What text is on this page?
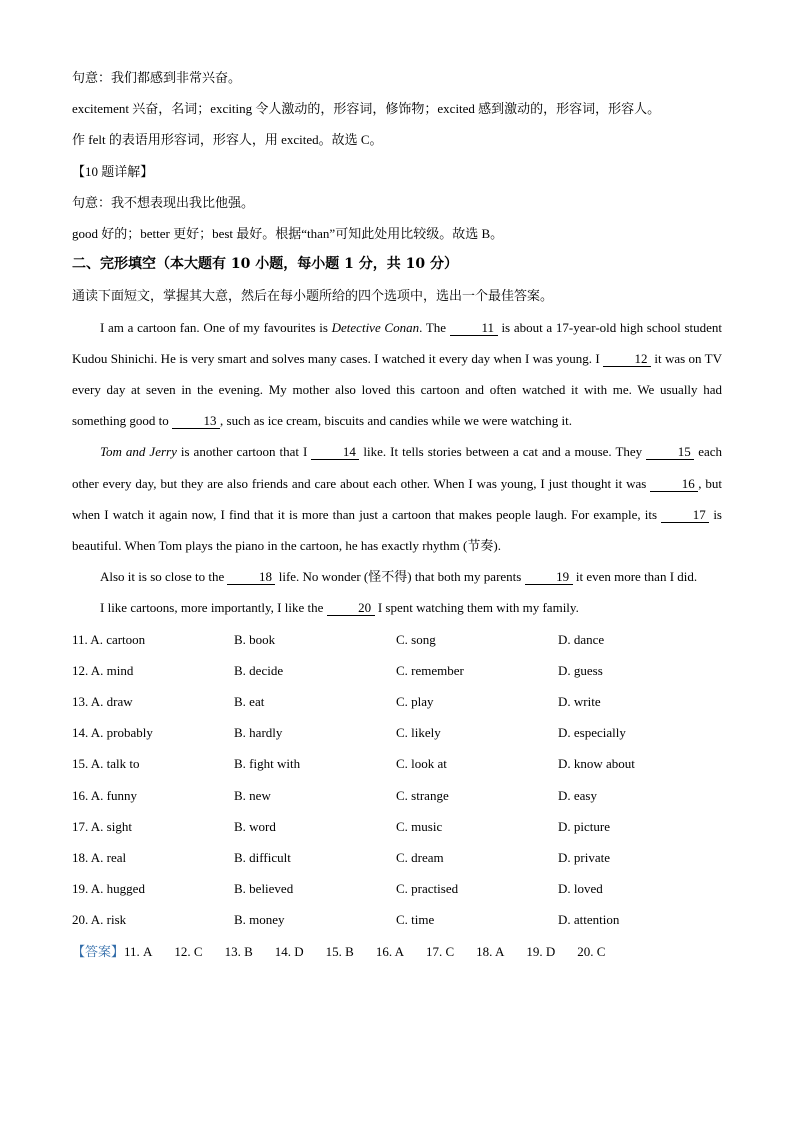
句意：我们都感到非常兴奋。
excitement 兴奋，名词；exciting 令人激动的，形容词，修饰物；excited 感到激动的，形容词，形容人。
作 felt 的表语用形容词，形容人，用 excited。故选 C。
【10 题详解】
句意：我不想表现出我比他强。
good 好的；better 更好；best 最好。根据“than”可知此处用比较级。故选 B。
二、完形填空（本大题有 10 小题，每小题 1 分，共 10 分）
通读下面短文，掌握其大意，然后在每小题所给的四个选项中，选出一个最佳答案。
I am a cartoon fan. One of my favourites is Detective Conan. The 11 is about a 17-year-old high school student Kudou Shinichi. He is very smart and solves many cases. I watched it every day when I was young. I 12 it was on TV every day at seven in the evening. My mother also loved this cartoon and often watched it with me. We usually had something good to 13 , such as ice cream, biscuits and candies while we were watching it.
Tom and Jerry is another cartoon that I 14 like. It tells stories between a cat and a mouse. They 15 each other every day, but they are also friends and care about each other. When I was young, I just thought it was 16 , but when I watch it again now, I find that it is more than just a cartoon that makes people laugh. For example, its 17 is beautiful. When Tom plays the piano in the cartoon, he has exactly rhythm (节奏).
Also it is so close to the 18 life. No wonder (怪不得) that both my parents 19 it even more than I did.
I like cartoons, more importantly, I like the 20 I spent watching them with my family.
11. A. cartoon	B. book	C. song	D. dance
12. A. mind	B. decide	C. remember	D. guess
13. A. draw	B. eat	C. play	D. write
14. A. probably	B. hardly	C. likely	D. especially
15. A. talk to	B. fight with	C. look at	D. know about
16. A. funny	B. new	C. strange	D. easy
17. A. sight	B. word	C. music	D. picture
18. A. real	B. difficult	C. dream	D. private
19. A. hugged	B. believed	C. practised	D. loved
20. A. risk	B. money	C. time	D. attention
【答案】11. A 12. C 13. B 14. D 15. B 16. A 17. C 18. A 19. D 20. C
